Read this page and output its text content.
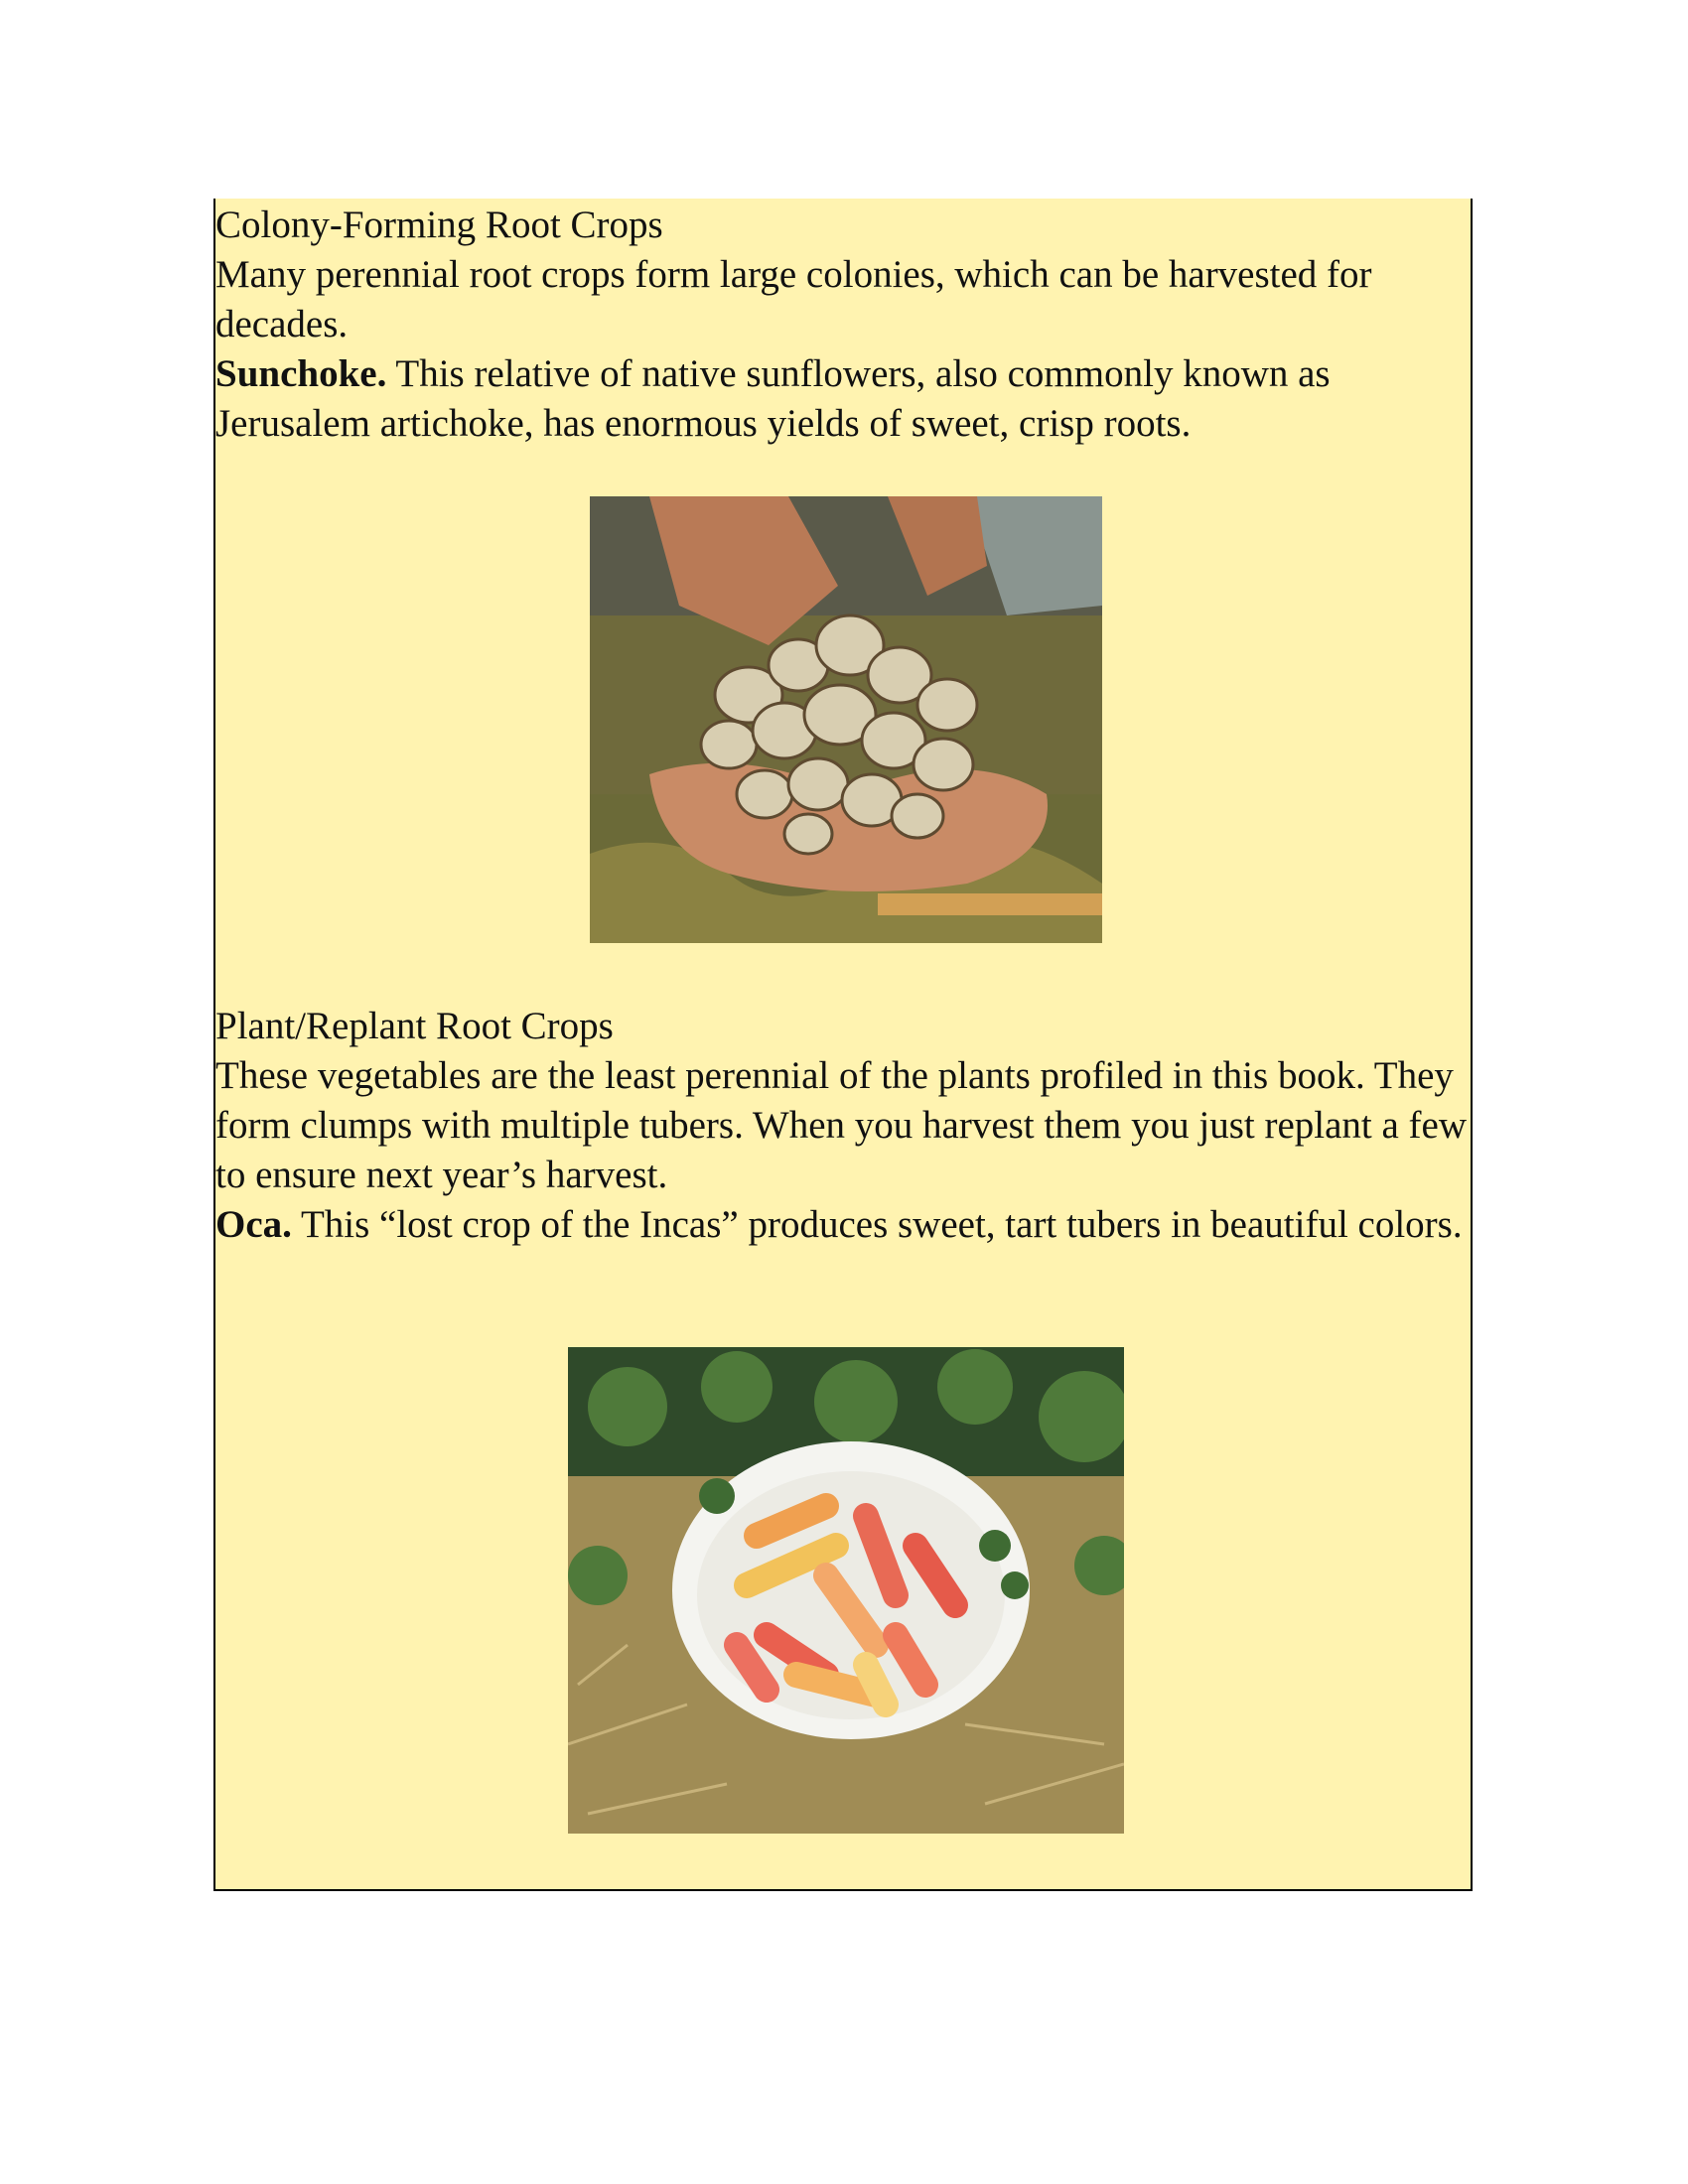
Colony-Forming Root Crops

Many perennial root crops form large colonies, which can be harvested for decades.

Sunchoke. This relative of native sunflowers, also commonly known as Jerusalem artichoke, has enormous yields of sweet, crisp roots.

Plant/Replant Root Crops

These vegetables are the least perennial of the plants profiled in this book. They form clumps with multiple tubers. When you harvest them you just replant a few to ensure next year’s harvest.

Oca. This “lost crop of the Incas” produces sweet, tart tubers in beautiful colors.
